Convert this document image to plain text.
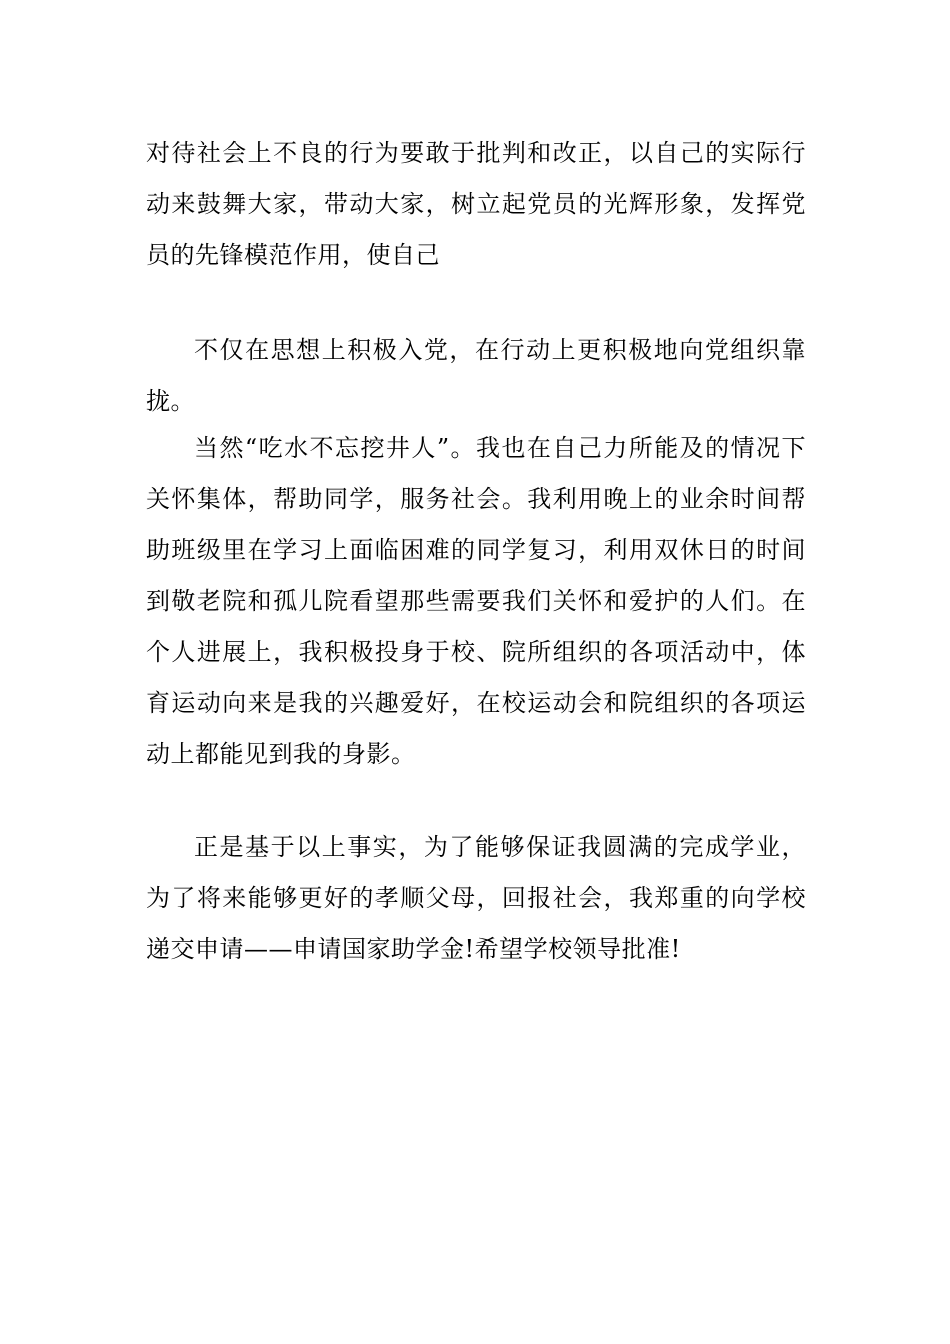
对待社会上不良的行为要敢于批判和改正，以自己的实际行动来鼓舞大家，带动大家，树立起党员的光辉形象，发挥党员的先锋模范作用，使自己

不仅在思想上积极入党，在行动上更积极地向党组织靠拢。

当然“吃水不忘挖井人”。我也在自己力所能及的情况下关怀集体，帮助同学，服务社会。我利用晚上的业余时间帮助班级里在学习上面临困难的同学复习，利用双休日的时间到敬老院和孤儿院看望那些需要我们关怀和爱护的人们。在个人进展上，我积极投身于校、院所组织的各项活动中，体育运动向来是我的兴趣爱好，在校运动会和院组织的各项运动上都能见到我的身影。

正是基于以上事实，为了能够保证我圆满的完成学业，为了将来能够更好的孝顺父母，回报社会，我郑重的向学校递交申请——申请国家助学金!希望学校领导批准!
